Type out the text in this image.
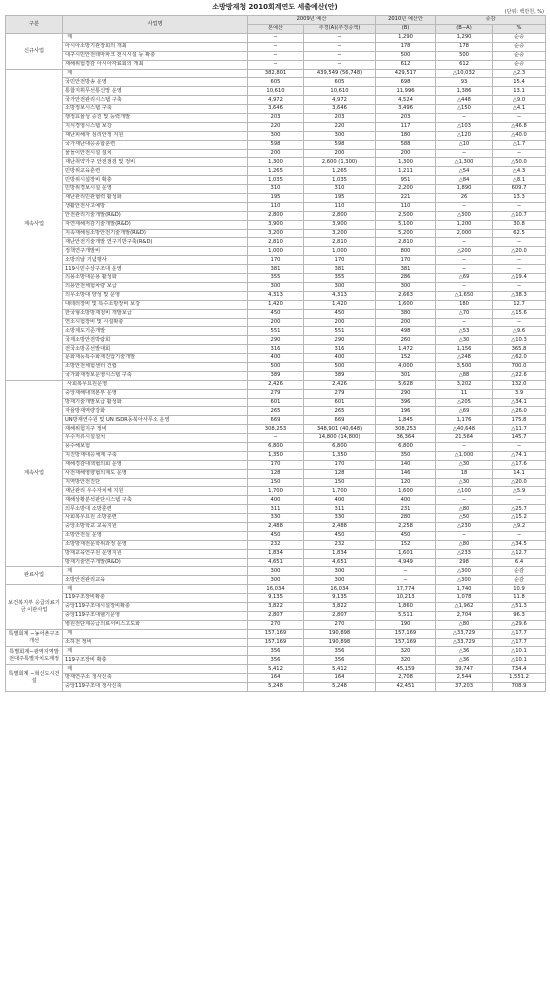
소방방재청 2010회계연도 세출예산(안)
(단위: 백만원, %)
구분	사업명	2009년 예산		2010년 예산안	증감	
		본예산	추경(A)(추경증액)	(B)	(B−A)	%
신규사업	계	−	−	1,290	1,290	순증
	아시아소방기관장회의 개최	−	−	178	178	순증
	대구시민안전테마파크 전시시설 등 확충	−	−	500	500	순증
	재해위험경감 아시아각료회의 개최	−	−	612	612	순증
계속사업	계	382,801	439,549 (56,748)	429,517	△10,032	△2.3
	국민안전방송 운영	605	605	698	93	15.4
	통합지휘무선통신망 운영	10,610	10,610	11,996	1,386	13.1
	국가안전관리시스템 구축	4,972	4,972	4,524	△448	△9.0
	소방정보시스템 구축	3,646	3,646	3,496	△150	△4.1
	행정효율성 증진 및 능력개발	203	203	203	−	−
	지식경영시스템 보강	220	220	117	△103	△46.8
	재난피해자 심리안정 지원	300	300	180	△120	△40.0
	국가재난대응종합훈련	598	598	588	△10	△1.7
	물놀이안전시설 설치	200	200	200	−	−
	재난취약가구 안전점검 및 정비	1,300	2,600 (1,300)	1,300	△1,300	△50.0
	민방위교육훈련	1,265	1,265	1,211	△54	△4.3
	민방위시설장비 확충	1,035	1,035	951	△84	△8.1
	민방위경보시설 운영	310	310	2,200	1,890	609.7
	재난관리민관협력 활성화	195	195	221	26	13.3
	생활안전사고예방	110	110	110	−	−
	안전관리기술개발(R&D)	2,800	2,800	2,500	△300	△10.7
	자연재해저감기술개발(R&D)	3,900	3,900	5,100	1,200	30.8
	지속재해심소방안전기술개발(R&D)	3,200	3,200	5,200	2,000	62.5
	재난안전기술개발 연구기반구축(R&D)	2,810	2,810	2,810	−	−
	정책연구개발비	1,000	1,000	800	△200	△20.0
	소방의날 기념행사	170	170	170	−	−
	119시민수상구조대 운영	381	381	381	−	−
	의용소방대운용 활성화	355	355	286	△69	△19.4
	의용안전체험차량 보급	300	300	300	−	−
	의무소방대 양성 및 운영	4,313	4,313	2,663	△1,650	△38.3
	대테러장비 및 특수소방장비 보강	1,420	1,420	1,600	180	12.7
	한국형소방방재청비 개발보급	450	450	380	△70	△15.6
	연소시험장비 및 시설확충	200	200	200	−	−
	소방제도기준개발	551	551	498	△53	△9.6
	국제소방안전박람회	290	290	260	△30	△10.3
	전국소방공선발대회	316	316	1,472	1,156	365.8
	문화재등특수화재진압기술개발	400	400	152	△248	△62.0
	소방안전체험센터 건립	500	500	4,000	3,500	700.0
	국가화재정보운영시스템 구축	389	389	301	△88	△22.6
계속사업	사회복무요원운영	2,426	2,426	5,628	3,202	132.0
	중앙재해대책본부 운영	279	279	290	11	3.9
	방재기술개발보급 활성화	601	601	396	△205	△34.1
	자율방재역량강화	265	265	196	△69	△26.0
	UN방재연수원 및 UN ISDR동북아사무소 운영	669	669	1,845	1,176	175.8
	재해위험지구 정비	308,253	348,901 (40,648)	308,253	△40,648	△11.7
	우수저류시설설치	−	14,800 (14,800)	36,364	21,564	145.7
	풍수해보험	6,800	6,800	6,800	−	−
	지진방재대응체계 구축	1,350	1,350	350	△1,000	△74.1
	재해경감대책협의회 운영	170	170	140	△30	△17.6
	사전재해영향협의제도 운영	128	128	146	18	14.1
	지역방안전진단	150	150	120	△30	△20.0
	재난관리 우수자치체 지원	1,700	1,700	1,600	△100	△5.9
	재해상황분석판단시스템 구축	400	400	400	−	−
	의무소방대 소방훈련	311	311	231	△80	△25.7
	사회복무요원 소방훈련	330	330	280	△50	△15.2
	중앙소방학교 교육지원	2,488	2,488	2,258	△230	△9.2
	소방안전실 운영	450	450	450	−	−
	소방방재전문학위과정 운영	232	232	152	△80	△34.5
	방재교육연구원 운영지원	1,834	1,834	1,601	△233	△12.7
	방재기술연구개발(R&D)	4,651	4,651	4,949	298	6.4
완료사업	계	300	300	−	△300	순감
	소방안전관리교육	300	300	−	△300	순감
보건복지부 응급의료기금 이관사업	계	16,034	16,034	17,774	1,740	10.9
	119구조장비확충	9,135	9,135	10,213	1,078	11.8
	중앙119구조대시설장비확충	3,822	3,822	1,860	△1,962	△51.3
	중앙119구조대헬기운영	2,807	2,807	5,511	2,704	96.3
	병원전단계응급의료서비스고도화	270	270	190	△80	△29.6
특별회계 −농어촌구조개선	계	157,169	190,898	157,169	△33,729	△17.7
	소하천 정비	157,169	190,898	157,169	△33,729	△17.7
특별회계−광역지역발전대주특별자치도계정	계	356	356	320	△36	△10.1
	119구조장비 확충	356	356	320	△36	△10.1
특별회계 −혁신도시건설	계	5,412	5,412	45,159	39,747	734.4
	방재연구소 청사신축	164	164	2,708	2,544	1,551.2
	중앙119구조대 청사신축	5,248	5,248	42,451	37,203	708.9
